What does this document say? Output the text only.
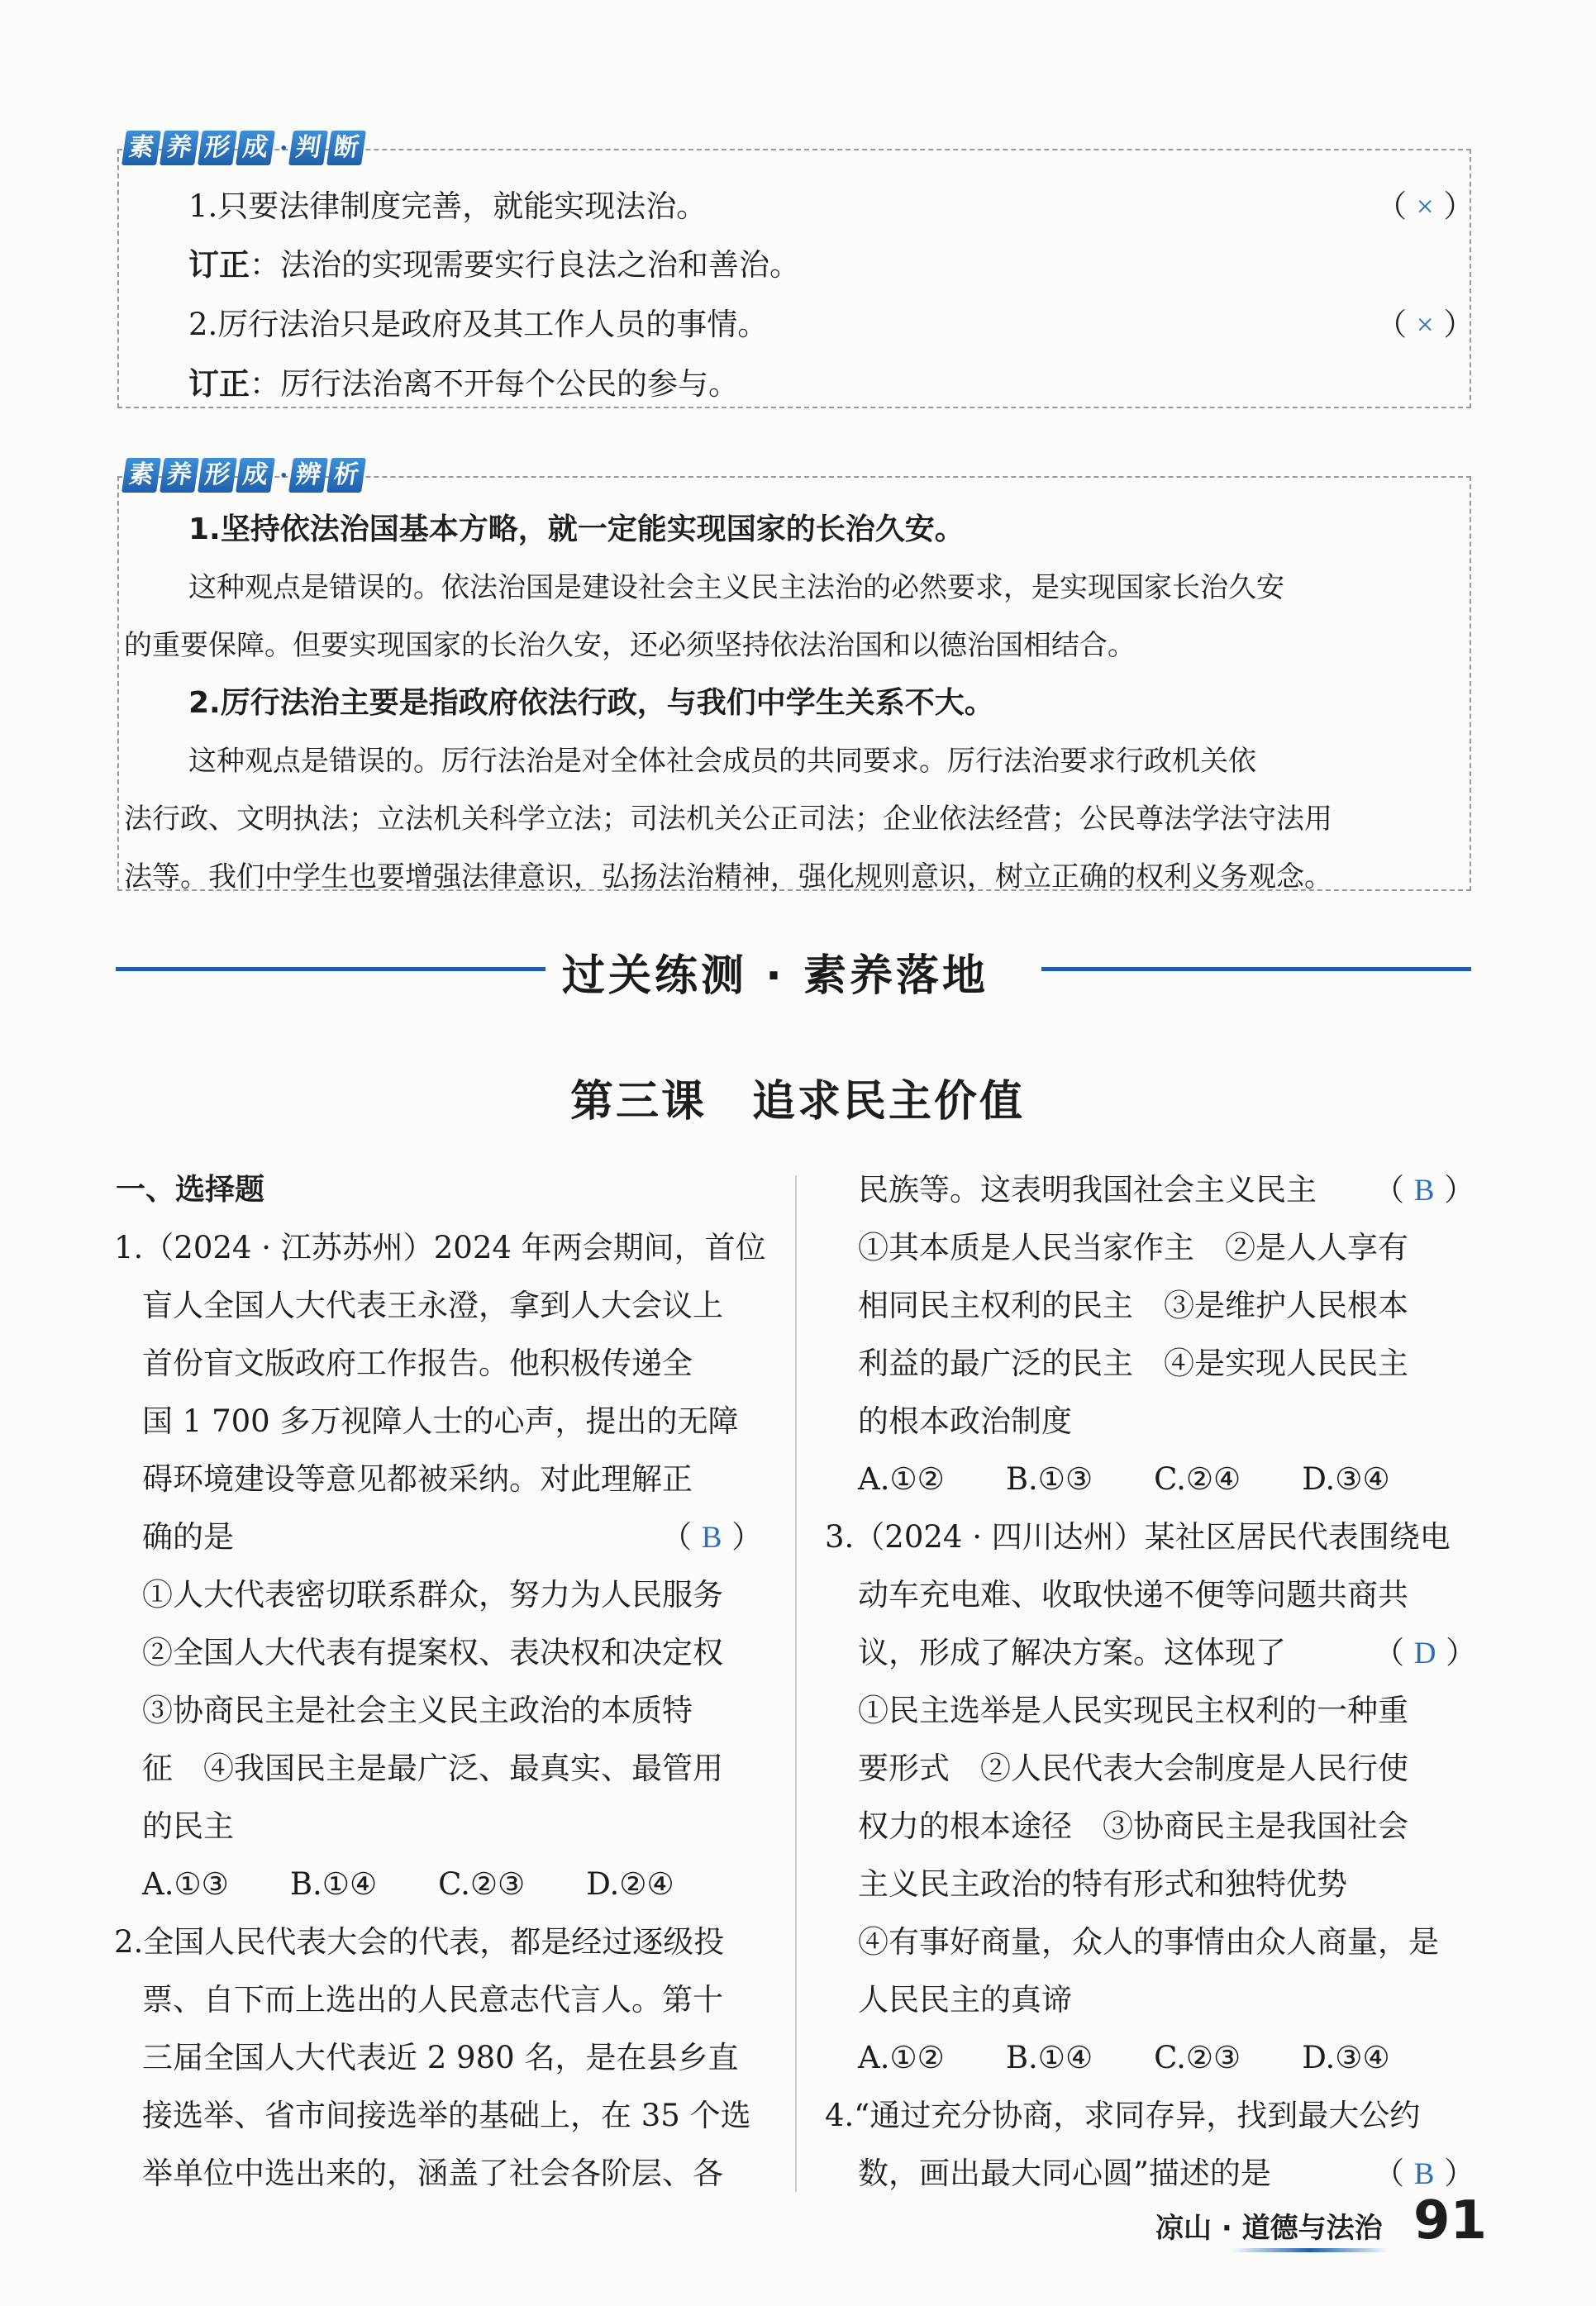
素 养 形 成 · 判 断
1.只要法律制度完善，就能实现法治。	（ × ）
订正：法治的实现需要实行良法之治和善治。
2.厉行法治只是政府及其工作人员的事情。	（ × ）
订正：厉行法治离不开每个公民的参与。
素 养 形 成 · 辨 析
1.坚持依法治国基本方略，就一定能实现国家的长治久安。
这种观点是错误的。依法治国是建设社会主义民主法治的必然要求，是实现国家长治久安
的重要保障。但要实现国家的长治久安，还必须坚持依法治国和以德治国相结合。
2.厉行法治主要是指政府依法行政，与我们中学生关系不大。
这种观点是错误的。厉行法治是对全体社会成员的共同要求。厉行法治要求行政机关依
法行政、文明执法；立法机关科学立法；司法机关公正司法；企业依法经营；公民尊法学法守法用
法等。我们中学生也要增强法律意识，弘扬法治精神，强化规则意识，树立正确的权利义务观念。
过关练测 · 素养落地
第三课　追求民主价值
一、选择题
1.（2024 · 江苏苏州）2024 年两会期间，首位
盲人全国人大代表王永澄，拿到人大会议上
首份盲文版政府工作报告。他积极传递全
国 1 700 多万视障人士的心声，提出的无障
碍环境建设等意见都被采纳。对此理解正
确的是	（ B ）
①人大代表密切联系群众，努力为人民服务
②全国人大代表有提案权、表决权和决定权
③协商民主是社会主义民主政治的本质特
征　④我国民主是最广泛、最真实、最管用
的民主
A.①③　　B.①④　　C.②③　　D.②④
2.全国人民代表大会的代表，都是经过逐级投
票、自下而上选出的人民意志代言人。第十
三届全国人大代表近 2 980 名，是在县乡直
接选举、省市间接选举的基础上，在 35 个选
举单位中选出来的，涵盖了社会各阶层、各
民族等。这表明我国社会主义民主 （ B ）
①其本质是人民当家作主　②是人人享有
相同民主权利的民主　③是维护人民根本
利益的最广泛的民主　④是实现人民民主
的根本政治制度
A.①②　　B.①③　　C.②④　　D.③④
3.（2024 · 四川达州）某社区居民代表围绕电
动车充电难、收取快递不便等问题共商共
议，形成了解决方案。这体现了	（ D ）
①民主选举是人民实现民主权利的一种重
要形式　②人民代表大会制度是人民行使
权力的根本途径　③协商民主是我国社会
主义民主政治的特有形式和独特优势
④有事好商量，众人的事情由众人商量，是
人民民主的真谛
A.①②　　B.①④　　C.②③　　D.③④
4.“通过充分协商，求同存异，找到最大公约
数，画出最大同心圆”描述的是	（ B ）
凉山 · 道德与法治 91
